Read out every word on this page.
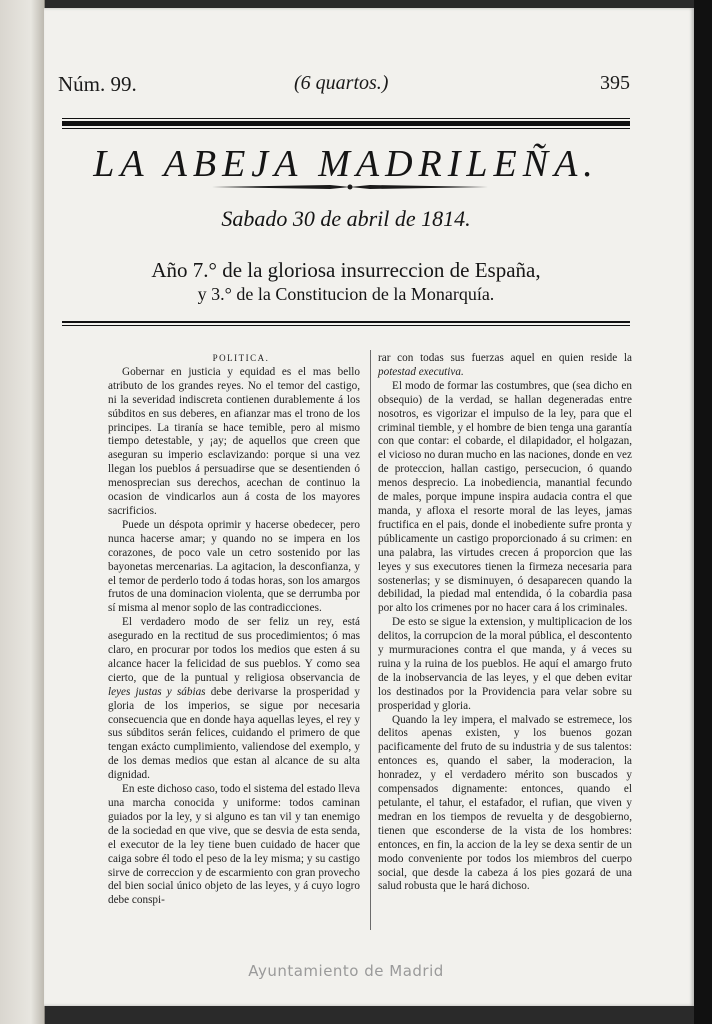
Núm. 99.	(6 quartos.)	395
LA ABEJA MADRILEÑA.
Sabado 30 de abril de 1814.
Año 7.° de la gloriosa insurreccion de España,
y 3.° de la Constitucion de la Monarquía.

POLITICA.

Gobernar en justicia y equidad es el mas bello atributo de los grandes reyes. No el temor del castigo, ni la severidad indiscreta contienen durablemente á los súbditos en sus deberes, en afianzar mas el trono de los principes. La tiranía se hace temible, pero al mismo tiempo detestable, y ¡ay; de aquellos que creen que aseguran su imperio esclavizando: porque si una vez llegan los pueblos á persuadirse que se desentienden ó menosprecian sus derechos, acechan de continuo la ocasion de vindicarlos aun á costa de los mayores sacrificios.

Puede un déspota oprimir y hacerse obedecer, pero nunca hacerse amar; y quando no se impera en los corazones, de poco vale un cetro sostenido por las bayonetas mercenarias. La agitacion, la desconfianza, y el temor de perderlo todo á todas horas, son los amargos frutos de una dominacion violenta, que se derrumba por sí misma al menor soplo de las contradicciones.

El verdadero modo de ser feliz un rey, está asegurado en la rectitud de sus procedimientos; ó mas claro, en procurar por todos los medios que esten á su alcance hacer la felicidad de sus pueblos. Y como sea cierto, que de la puntual y religiosa observancia de leyes justas y sábias debe derivarse la prosperidad y gloria de los imperios, se sigue por necesaria consecuencia que en donde haya aquellas leyes, el rey y sus súbditos serán felices, cuidando el primero de que tengan exácto cumplimiento, valiendose del exemplo, y de los demas medios que estan al alcance de su alta dignidad.

En este dichoso caso, todo el sistema del estado lleva una marcha conocida y uniforme: todos caminan guiados por la ley, y si alguno es tan vil y tan enemigo de la sociedad en que vive, que se desvia de esta senda, el executor de la ley tiene buen cuidado de hacer que caiga sobre él todo el peso de la ley misma; y su castigo sirve de correccion y de escarmiento con gran provecho del bien social único objeto de las leyes, y á cuyo logro debe conspi-

rar con todas sus fuerzas aquel en quien reside la potestad executiva.

El modo de formar las costumbres, que (sea dicho en obsequio) de la verdad, se hallan degeneradas entre nosotros, es vigorizar el impulso de la ley, para que el criminal tiemble, y el hombre de bien tenga una garantía con que contar: el cobarde, el dilapidador, el holgazan, el vicioso no duran mucho en las naciones, donde en vez de proteccion, hallan castigo, persecucion, ó quando menos desprecio. La inobediencia, manantial fecundo de males, porque impune inspira audacia contra el que manda, y afloxa el resorte moral de las leyes, jamas fructifica en el pais, donde el inobediente sufre pronta y públicamente un castigo proporcionado á su crimen: en una palabra, las virtudes crecen á proporcion que las leyes y sus executores tienen la firmeza necesaria para sostenerlas; y se disminuyen, ó desaparecen quando la debilidad, la piedad mal entendida, ó la cobardia pasa por alto los crimenes por no hacer cara á los criminales.

De esto se sigue la extension, y multiplicacion de los delitos, la corrupcion de la moral pública, el descontento y murmuraciones contra el que manda, y á veces su ruina y la ruina de los pueblos. He aquí el amargo fruto de la inobservancia de las leyes, y el que deben evitar los destinados por la Providencia para velar sobre su prosperidad y gloria.

Quando la ley impera, el malvado se estremece, los delitos apenas existen, y los buenos gozan pacificamente del fruto de su industria y de sus talentos: entonces es, quando el saber, la moderacion, la honradez, y el verdadero mérito son buscados y compensados dignamente: entonces, quando el petulante, el tahur, el estafador, el rufian, que viven y medran en los tiempos de revuelta y de desgobierno, tienen que esconderse de la vista de los hombres: entonces, en fin, la accion de la ley se dexa sentir de un modo conveniente por todos los miembros del cuerpo social, que desde la cabeza á los pies gozará de una salud robusta que le hará dichoso.

Ayuntamiento de Madrid
